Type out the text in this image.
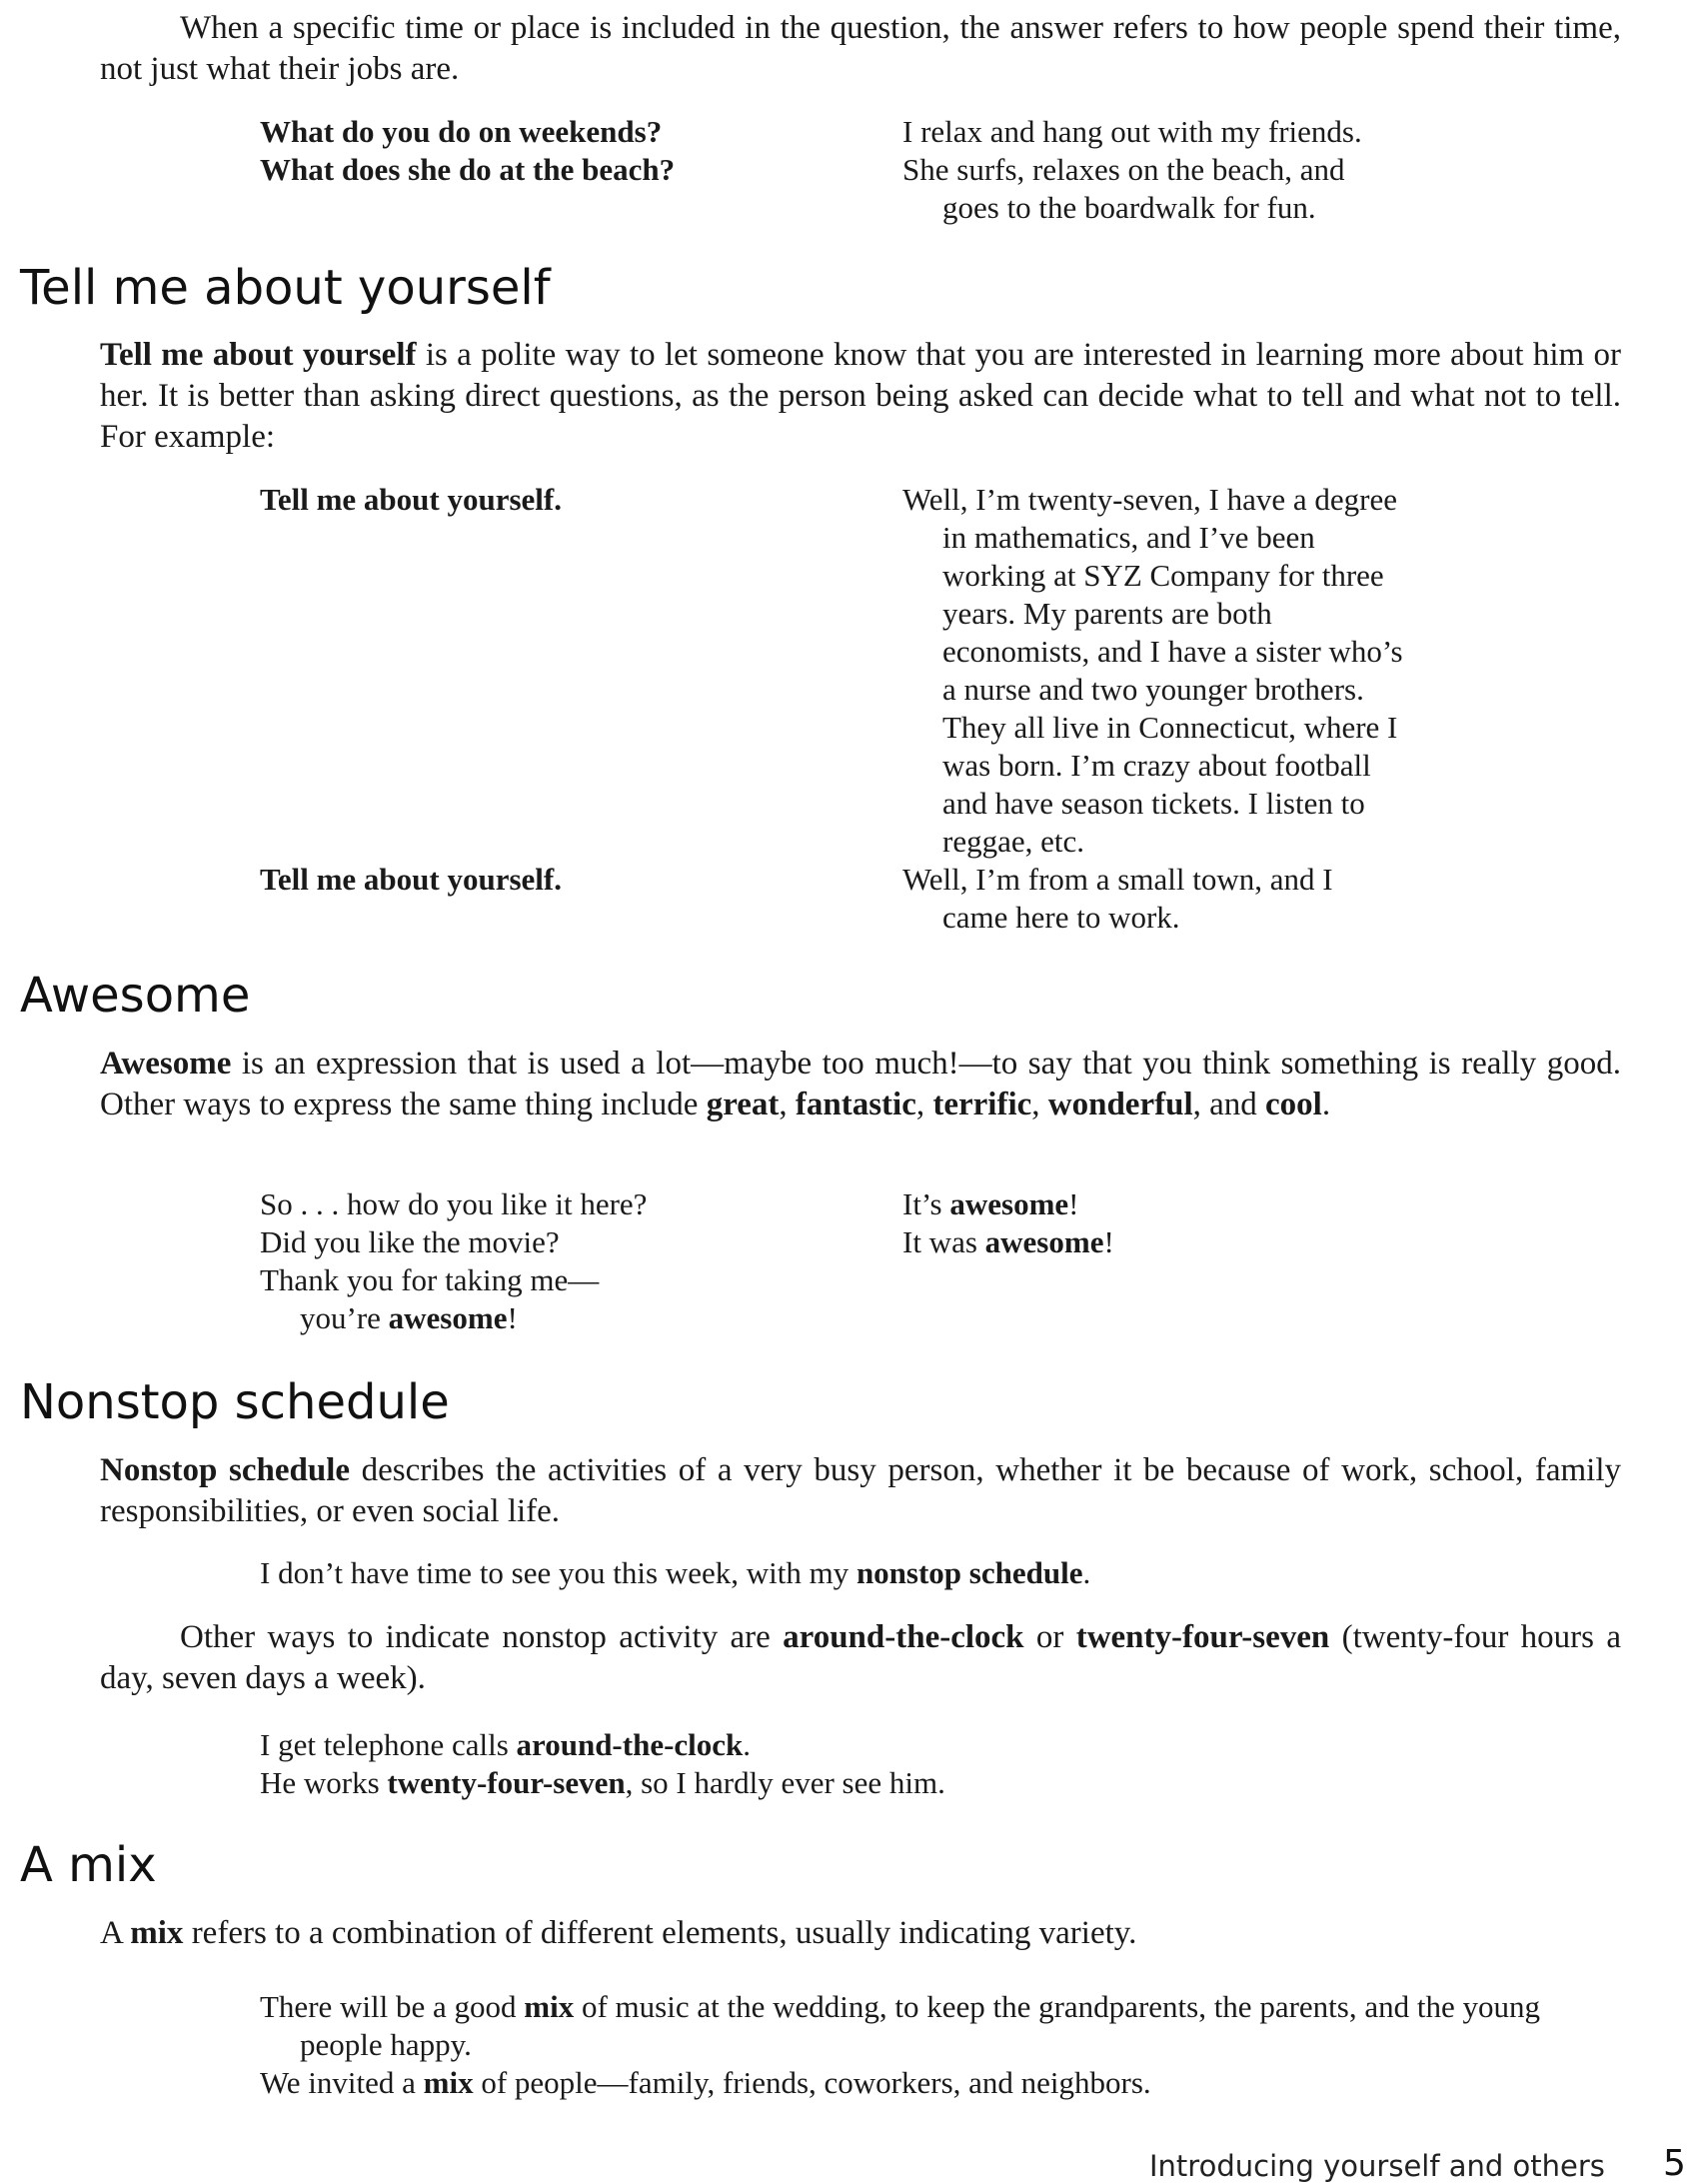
When a specific time or place is included in the question, the answer refers to how people spend their time, not just what their jobs are.

What do you do on weekends?
What does she do at the beach?
I relax and hang out with my friends.
She surfs, relaxes on the beach, and
goes to the boardwalk for fun.
Tell me about yourself

Tell me about yourself is a polite way to let someone know that you are interested in learning more about him or her. It is better than asking direct questions, as the person being asked can decide what to tell and what not to tell. For example:

Tell me about yourself.	Well, I’m twenty-seven, I have a degree
in mathematics, and I’ve been
working at SYZ Company for three
years. My parents are both
economists, and I have a sister who’s
a nurse and two younger brothers.
They all live in Connecticut, where I
was born. I’m crazy about football
and have season tickets. I listen to
reggae, etc.
Tell me about yourself.	Well, I’m from a small town, and I
came here to work.
Awesome

Awesome is an expression that is used a lot—maybe too much!—to say that you think something is really good. Other ways to express the same thing include great, fantastic, terrific, wonderful, and cool.

So . . . how do you like it here?
Did you like the movie?
Thank you for taking me—
you’re awesome!
It’s awesome!
It was awesome!
Nonstop schedule

Nonstop schedule describes the activities of a very busy person, whether it be because of work, school, family responsibilities, or even social life.

I don’t have time to see you this week, with my nonstop schedule.

Other ways to indicate nonstop activity are around-the-clock or twenty-four-seven (twenty-four hours a day, seven days a week).

I get telephone calls around-the-clock.
He works twenty-four-seven, so I hardly ever see him.
A mix

A mix refers to a combination of different elements, usually indicating variety.

There will be a good mix of music at the wedding, to keep the grandparents, the parents, and the young people happy.
We invited a mix of people—family, friends, coworkers, and neighbors.
Introducing yourself and others 5
